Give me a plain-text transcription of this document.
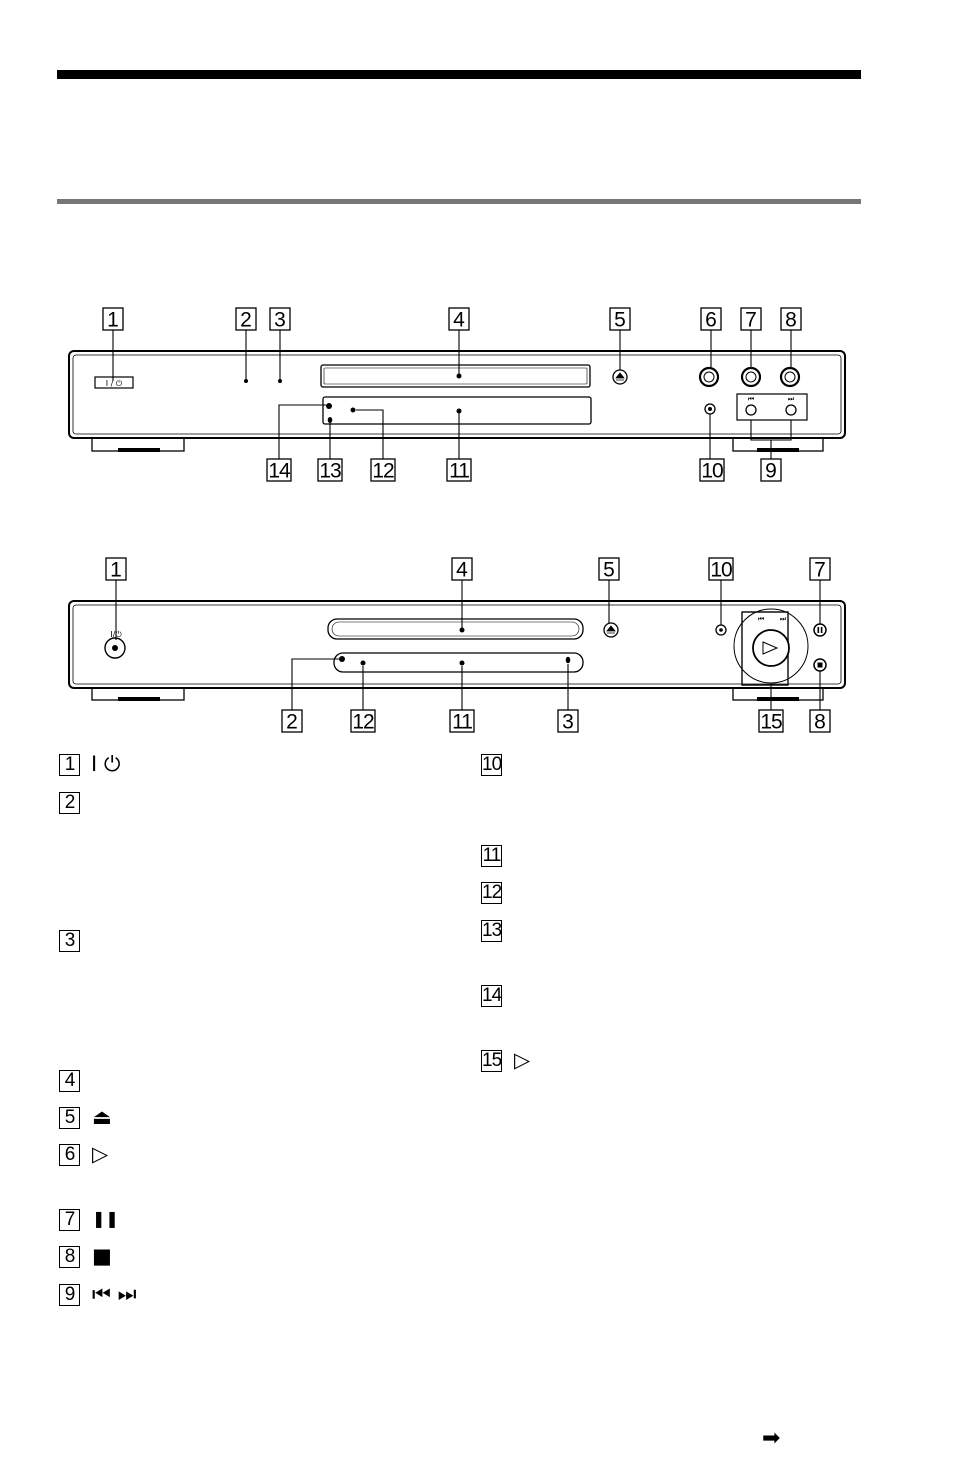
I / ⏻
⏮	⏭
I/⏻
⏮ ⏭
1	2 3	4	5	6 7 8
14 13 12	11	10 9
1	4	5	10	7
2	12	11	3	15 8
1 I ⏻
2
3
4
5 ⏏
6 ▷
7	❚❚
8 ■
9 ⏮ ⏭
10
11
12
13
14
15 ▷
➡
